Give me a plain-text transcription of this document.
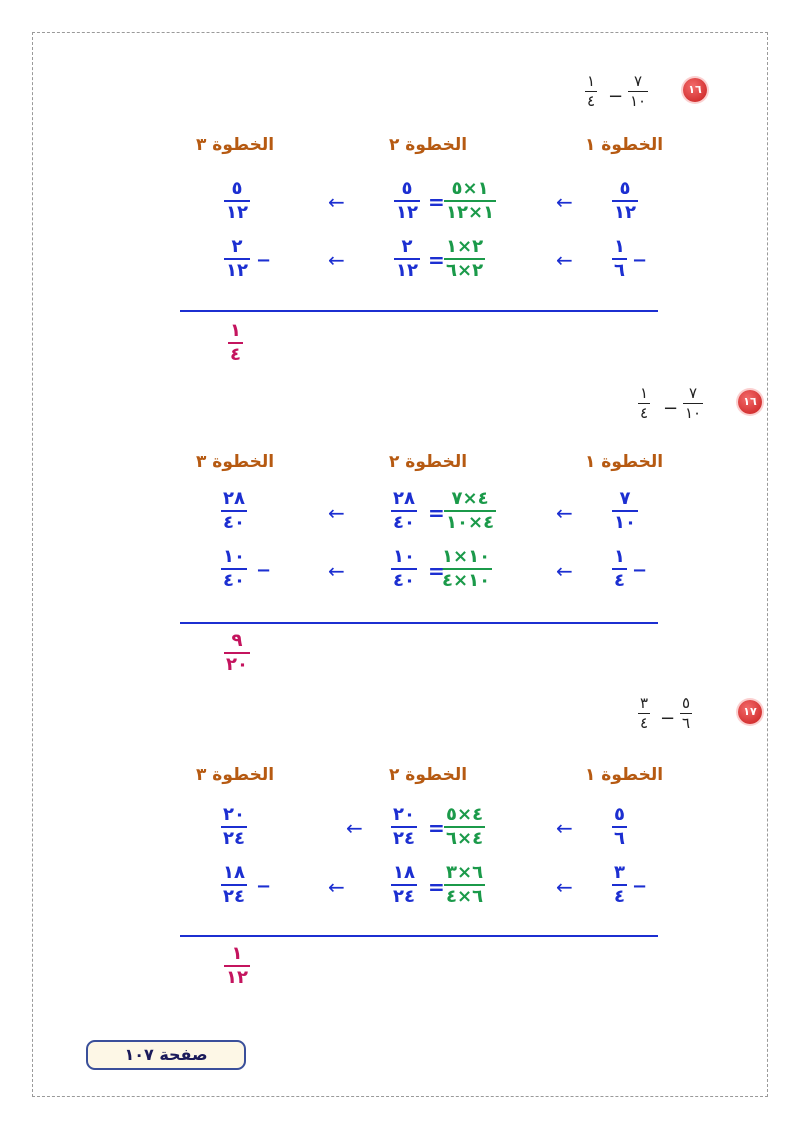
١٦
٧
١٠
−
١
٤
الخطوة ١
الخطوة ٢
الخطوة ٣
٥
١٢
←
١×٥
١×١٢
=
٥
١٢
←
٥
١٢
١
٦ −
←
٢×١
٢×٦
=
٢
١٢
←
٢
١٢ −
١
٤
١٦
٧
١٠
−
١
٤
الخطوة ١
الخطوة ٢
الخطوة ٣
٧
١٠
←
٤×٧
٤×١٠
=
٢٨
٤٠
←
٢٨
٤٠
١
٤ −
←
١٠×١
١٠×٤
=
١٠
٤٠
←
١٠
٤٠ −
٩
٢٠
١٧
٥
٦
−
٣
٤
الخطوة ١
الخطوة ٢
الخطوة ٣
٥
٦
←
٤×٥
٤×٦
=
٢٠
٢٤
←
٢٠
٢٤
٣
٤ −
←
٦×٣
٦×٤
=
١٨
٢٤
←
١٨
٢٤ −
١
١٢
صفحة ١٠٧
